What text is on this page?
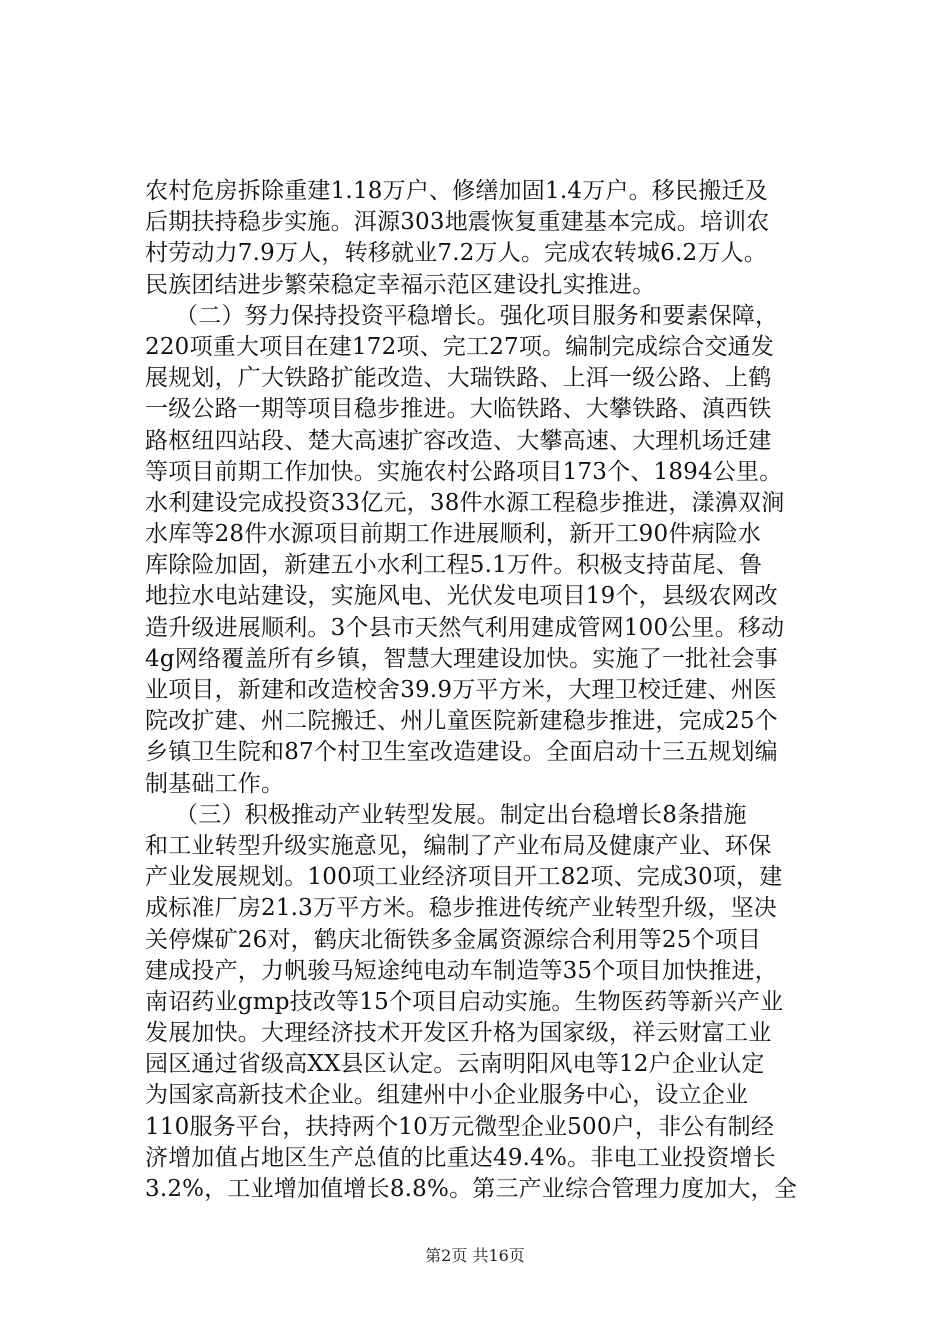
农村危房拆除重建1.18万户、修缮加固1.4万户。移民搬迁及
后期扶持稳步实施。洱源303地震恢复重建基本完成。培训农
村劳动力7.9万人，转移就业7.2万人。完成农转城6.2万人。
民族团结进步繁荣稳定幸福示范区建设扎实推进。
（二）努力保持投资平稳增长。强化项目服务和要素保障，
220项重大项目在建172项、完工27项。编制完成综合交通发
展规划，广大铁路扩能改造、大瑞铁路、上洱一级公路、上鹤
一级公路一期等项目稳步推进。大临铁路、大攀铁路、滇西铁
路枢纽四站段、楚大高速扩容改造、大攀高速、大理机场迁建
等项目前期工作加快。实施农村公路项目173个、1894公里。
水利建设完成投资33亿元，38件水源工程稳步推进，漾濞双涧
水库等28件水源项目前期工作进展顺利，新开工90件病险水
库除险加固，新建五小水利工程5.1万件。积极支持苗尾、鲁
地拉水电站建设，实施风电、光伏发电项目19个，县级农网改
造升级进展顺利。3个县市天然气利用建成管网100公里。移动
4g网络覆盖所有乡镇，智慧大理建设加快。实施了一批社会事
业项目，新建和改造校舍39.9万平方米，大理卫校迁建、州医
院改扩建、州二院搬迁、州儿童医院新建稳步推进，完成25个
乡镇卫生院和87个村卫生室改造建设。全面启动十三五规划编
制基础工作。
（三）积极推动产业转型发展。制定出台稳增长8条措施
和工业转型升级实施意见，编制了产业布局及健康产业、环保
产业发展规划。100项工业经济项目开工82项、完成30项，建
成标准厂房21.3万平方米。稳步推进传统产业转型升级，坚决
关停煤矿26对，鹤庆北衙铁多金属资源综合利用等25个项目
建成投产，力帆骏马短途纯电动车制造等35个项目加快推进，
南诏药业gmp技改等15个项目启动实施。生物医药等新兴产业
发展加快。大理经济技术开发区升格为国家级，祥云财富工业
园区通过省级高XX县区认定。云南明阳风电等12户企业认定
为国家高新技术企业。组建州中小企业服务中心，设立企业
110服务平台，扶持两个10万元微型企业500户，非公有制经
济增加值占地区生产总值的比重达49.4%。非电工业投资增长
3.2%，工业增加值增长8.8%。第三产业综合管理力度加大，全
第2页 共16页
